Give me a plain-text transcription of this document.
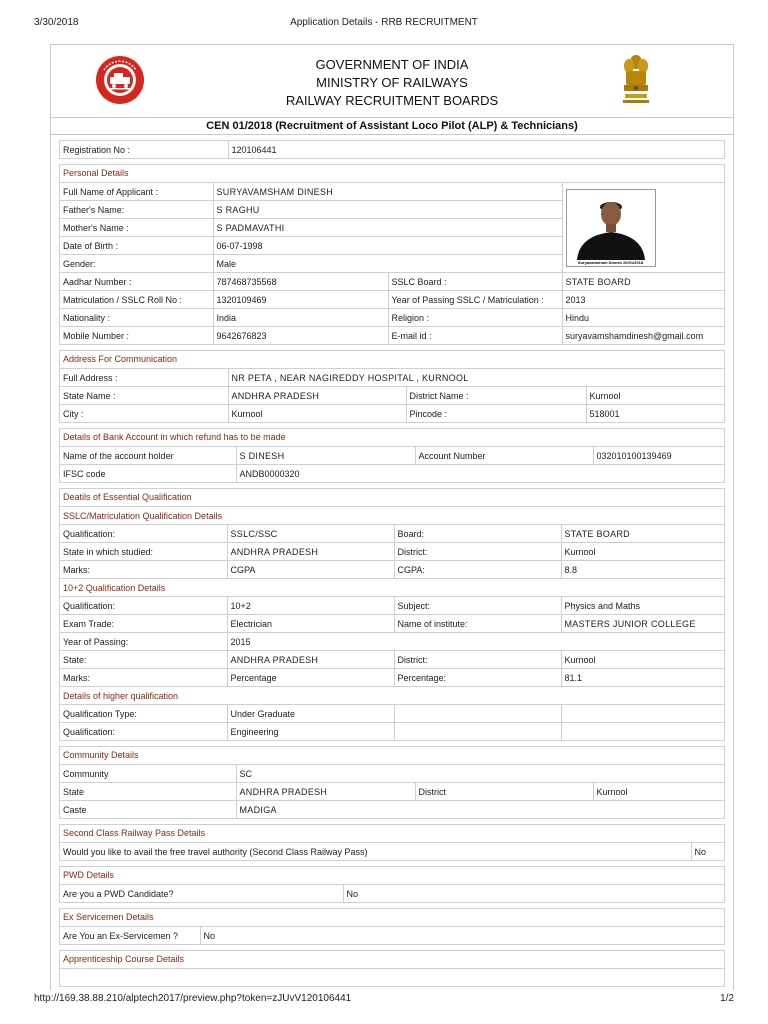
3/30/2018	Application Details - RRB RECRUITMENT
GOVERNMENT OF INDIA
MINISTRY OF RAILWAYS
RAILWAY RECRUITMENT BOARDS
CEN 01/2018 (Recruitment of Assistant Loco Pilot (ALP) & Technicians)
Registration No :	120106441
Personal Details
Full Name of Applicant :	SURYAVAMSHAM DINESH		Suryavamsham Dinesh 20/01/2018

Father's Name:	S RAGHU		
Mother's Name :	S PADMAVATHI		
Date of Birth :	06-07-1998		
Gender:	Male		
Aadhar Number :	787468735568	SSLC Board :	STATE BOARD
Matriculation / SSLC Roll No :	1320109469	Year of Passing SSLC / Matriculation :	2013
Nationality :	India	Religion :	Hindu
Mobile Number :	9642676823	E-mail id :	suryavamshamdinesh@gmail.com
Address For Communication
Full Address :	NR PETA , NEAR NAGIREDDY HOSPITAL , KURNOOL		
State Name :	ANDHRA PRADESH	District Name :	Kurnool
City :	Kurnool	Pincode :	518001
Details of Bank Account in which refund has to be made
Name of the account holder	S DINESH	Account Number	032010100139469
IFSC code	ANDB0000320		
Deatils of Essential Qualification
SSLC/Matriculation Qualification Details			
Qualification:	SSLC/SSC	Board:	STATE BOARD
State in which studied:	ANDHRA PRADESH	District:	Kurnool
Marks:	CGPA	CGPA:	8.8
10+2 Qualification Details			
Qualification:	10+2	Subject:	Physics and Maths
Exam Trade:	Electrician	Name of institute:	MASTERS JUNIOR COLLEGE
Year of Passing:	2015		
State:	ANDHRA PRADESH	District:	Kurnool
Marks:	Percentage	Percentage:	81.1
Details of higher qualification			
Qualification Type:	Under Graduate		
Qualification:	Engineering		
Community Details
Community	SC		
State	ANDHRA PRADESH	District	Kurnool
Caste	MADIGA		
Second Class Railway Pass Details
Would you like to avail the free travel authority (Second Class Railway Pass)	No
PWD Details
Are you a PWD Candidate?	No
Ex Servicemen Details
Are You an Ex-Servicemen ?	No
Apprenticeship Course Details
http://169.38.88.210/alptech2017/preview.php?token=zJUvV120106441	1/2
